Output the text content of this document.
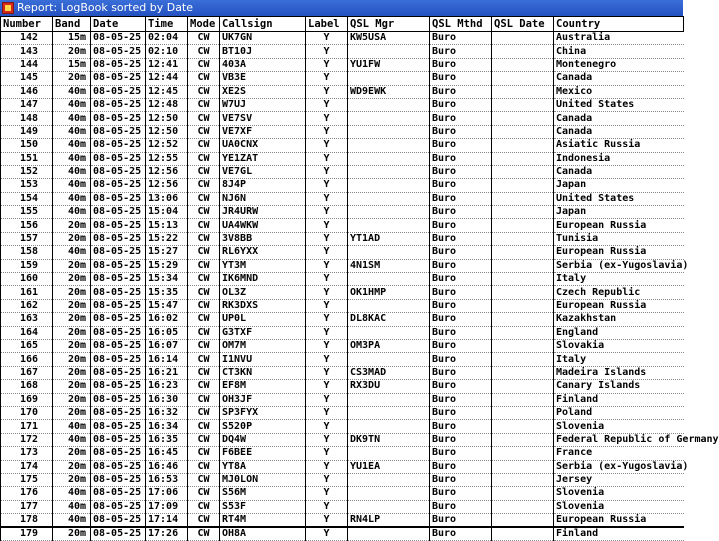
Report: LogBook sorted by Date
Number	Band	Date	Time	Mode	Callsign	Label	QSL Mgr	QSL Mthd	QSL Date	Country
142	15m	08-05-25	02:04	CW	UK7GN	Y	KW5USA	Buro		Australia
143	20m	08-05-25	02:10	CW	BT10J	Y		Buro		China
144	15m	08-05-25	12:41	CW	403A	Y	YU1FW	Buro		Montenegro
145	20m	08-05-25	12:44	CW	VB3E	Y		Buro		Canada
146	40m	08-05-25	12:45	CW	XE2S	Y	WD9EWK	Buro		Mexico
147	40m	08-05-25	12:48	CW	W7UJ	Y		Buro		United States
148	40m	08-05-25	12:50	CW	VE7SV	Y		Buro		Canada
149	40m	08-05-25	12:50	CW	VE7XF	Y		Buro		Canada
150	40m	08-05-25	12:52	CW	UA0CNX	Y		Buro		Asiatic Russia
151	40m	08-05-25	12:55	CW	YE1ZAT	Y		Buro		Indonesia
152	40m	08-05-25	12:56	CW	VE7GL	Y		Buro		Canada
153	40m	08-05-25	12:56	CW	8J4P	Y		Buro		Japan
154	40m	08-05-25	13:06	CW	NJ6N	Y		Buro		United States
155	40m	08-05-25	15:04	CW	JR4URW	Y		Buro		Japan
156	20m	08-05-25	15:13	CW	UA4WKW	Y		Buro		European Russia
157	20m	08-05-25	15:22	CW	3V8BB	Y	YT1AD	Buro		Tunisia
158	40m	08-05-25	15:27	CW	RL6YXX	Y		Buro		European Russia
159	20m	08-05-25	15:29	CW	YT3M	Y	4N1SM	Buro		Serbia (ex-Yugoslavia)
160	20m	08-05-25	15:34	CW	IK6MND	Y		Buro		Italy
161	20m	08-05-25	15:35	CW	OL3Z	Y	OK1HMP	Buro		Czech Republic
162	20m	08-05-25	15:47	CW	RK3DXS	Y		Buro		European Russia
163	20m	08-05-25	16:02	CW	UP0L	Y	DL8KAC	Buro		Kazakhstan
164	20m	08-05-25	16:05	CW	G3TXF	Y		Buro		England
165	20m	08-05-25	16:07	CW	OM7M	Y	OM3PA	Buro		Slovakia
166	20m	08-05-25	16:14	CW	I1NVU	Y		Buro		Italy
167	20m	08-05-25	16:21	CW	CT3KN	Y	CS3MAD	Buro		Madeira Islands
168	20m	08-05-25	16:23	CW	EF8M	Y	RX3DU	Buro		Canary Islands
169	20m	08-05-25	16:30	CW	OH3JF	Y		Buro		Finland
170	20m	08-05-25	16:32	CW	SP3FYX	Y		Buro		Poland
171	40m	08-05-25	16:34	CW	S520P	Y		Buro		Slovenia
172	40m	08-05-25	16:35	CW	DQ4W	Y	DK9TN	Buro		Federal Republic of Germany
173	20m	08-05-25	16:45	CW	F6BEE	Y		Buro		France
174	20m	08-05-25	16:46	CW	YT8A	Y	YU1EA	Buro		Serbia (ex-Yugoslavia)
175	20m	08-05-25	16:53	CW	MJ0LON	Y		Buro		Jersey
176	40m	08-05-25	17:06	CW	S56M	Y		Buro		Slovenia
177	40m	08-05-25	17:09	CW	S53F	Y		Buro		Slovenia
178	40m	08-05-25	17:14	CW	RT4M	Y	RN4LP	Buro		European Russia
179	20m	08-05-25	17:26	CW	OH8A	Y		Buro		Finland
